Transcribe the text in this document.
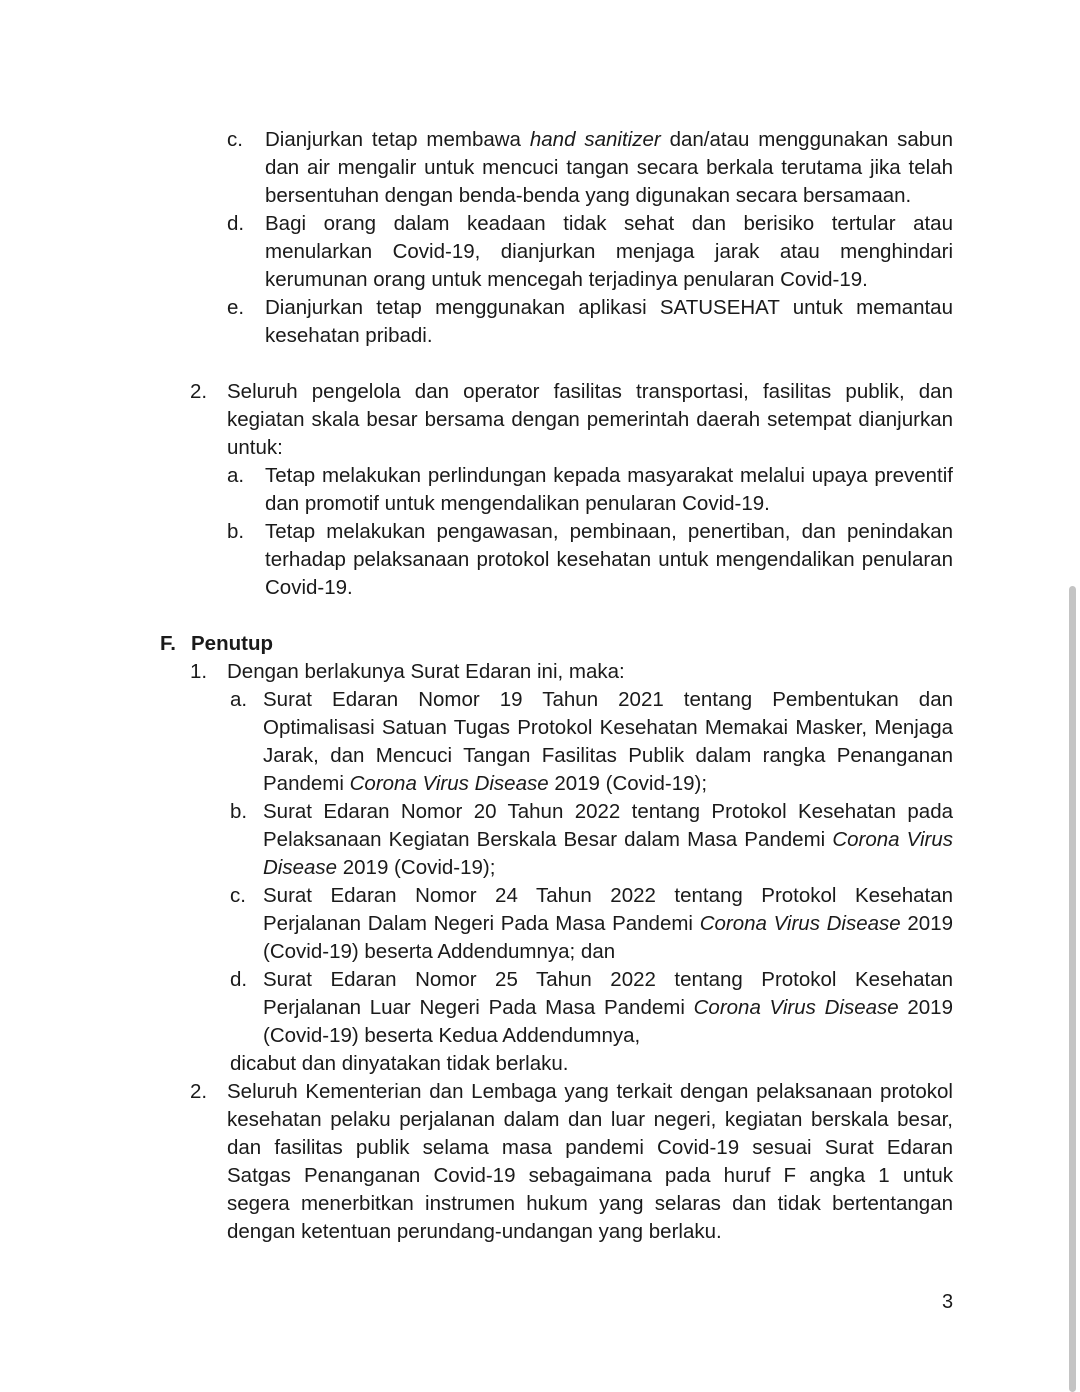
c. Dianjurkan tetap membawa hand sanitizer dan/atau menggunakan sabun dan air mengalir untuk mencuci tangan secara berkala terutama jika telah bersentuhan dengan benda-benda yang digunakan secara bersamaan.
d. Bagi orang dalam keadaan tidak sehat dan berisiko tertular atau menularkan Covid-19, dianjurkan menjaga jarak atau menghindari kerumunan orang untuk mencegah terjadinya penularan Covid-19.
e. Dianjurkan tetap menggunakan aplikasi SATUSEHAT untuk memantau kesehatan pribadi.
2. Seluruh pengelola dan operator fasilitas transportasi, fasilitas publik, dan kegiatan skala besar bersama dengan pemerintah daerah setempat dianjurkan untuk:
a. Tetap melakukan perlindungan kepada masyarakat melalui upaya preventif dan promotif untuk mengendalikan penularan Covid-19.
b. Tetap melakukan pengawasan, pembinaan, penertiban, dan penindakan terhadap pelaksanaan protokol kesehatan untuk mengendalikan penularan Covid-19.
F. Penutup
1. Dengan berlakunya Surat Edaran ini, maka:
a. Surat Edaran Nomor 19 Tahun 2021 tentang Pembentukan dan Optimalisasi Satuan Tugas Protokol Kesehatan Memakai Masker, Menjaga Jarak, dan Mencuci Tangan Fasilitas Publik dalam rangka Penanganan Pandemi Corona Virus Disease 2019 (Covid-19);
b. Surat Edaran Nomor 20 Tahun 2022 tentang Protokol Kesehatan pada Pelaksanaan Kegiatan Berskala Besar dalam Masa Pandemi Corona Virus Disease 2019 (Covid-19);
c. Surat Edaran Nomor 24 Tahun 2022 tentang Protokol Kesehatan Perjalanan Dalam Negeri Pada Masa Pandemi Corona Virus Disease 2019 (Covid-19) beserta Addendumnya; dan
d. Surat Edaran Nomor 25 Tahun 2022 tentang Protokol Kesehatan Perjalanan Luar Negeri Pada Masa Pandemi Corona Virus Disease 2019 (Covid-19) beserta Kedua Addendumnya,
dicabut dan dinyatakan tidak berlaku.
2. Seluruh Kementerian dan Lembaga yang terkait dengan pelaksanaan protokol kesehatan pelaku perjalanan dalam dan luar negeri, kegiatan berskala besar, dan fasilitas publik selama masa pandemi Covid-19 sesuai Surat Edaran Satgas Penanganan Covid-19 sebagaimana pada huruf F angka 1 untuk segera menerbitkan instrumen hukum yang selaras dan tidak bertentangan dengan ketentuan perundang-undangan yang berlaku.
3
